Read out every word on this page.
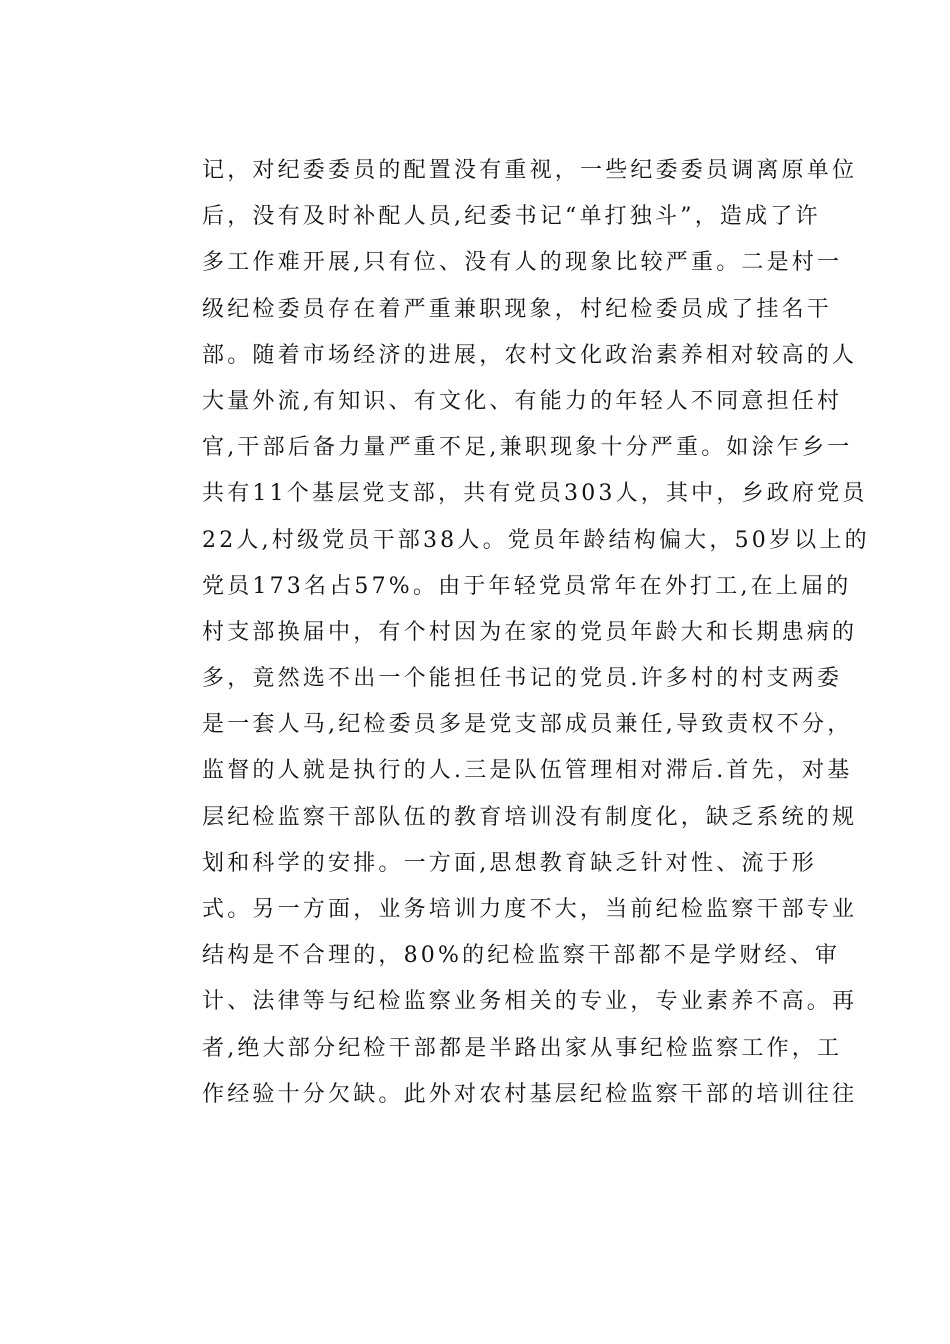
记，对纪委委员的配置没有重视，一些纪委委员调离原单位
后，没有及时补配人员,纪委书记“单打独斗”，造成了许
多工作难开展,只有位、没有人的现象比较严重。二是村一
级纪检委员存在着严重兼职现象，村纪检委员成了挂名干
部。随着市场经济的进展，农村文化政治素养相对较高的人
大量外流,有知识、有文化、有能力的年轻人不同意担任村
官,干部后备力量严重不足,兼职现象十分严重。如涂乍乡一
共有11个基层党支部，共有党员303人，其中，乡政府党员
22人,村级党员干部38人。党员年龄结构偏大，50岁以上的
党员173名占57%。由于年轻党员常年在外打工,在上届的
村支部换届中，有个村因为在家的党员年龄大和长期患病的
多，竟然选不出一个能担任书记的党员.许多村的村支两委
是一套人马,纪检委员多是党支部成员兼任,导致责权不分，
监督的人就是执行的人.三是队伍管理相对滞后.首先，对基
层纪检监察干部队伍的教育培训没有制度化，缺乏系统的规
划和科学的安排。一方面,思想教育缺乏针对性、流于形
式。另一方面，业务培训力度不大，当前纪检监察干部专业
结构是不合理的，80%的纪检监察干部都不是学财经、审
计、法律等与纪检监察业务相关的专业，专业素养不高。再
者,绝大部分纪检干部都是半路出家从事纪检监察工作，工
作经验十分欠缺。此外对农村基层纪检监察干部的培训往往
